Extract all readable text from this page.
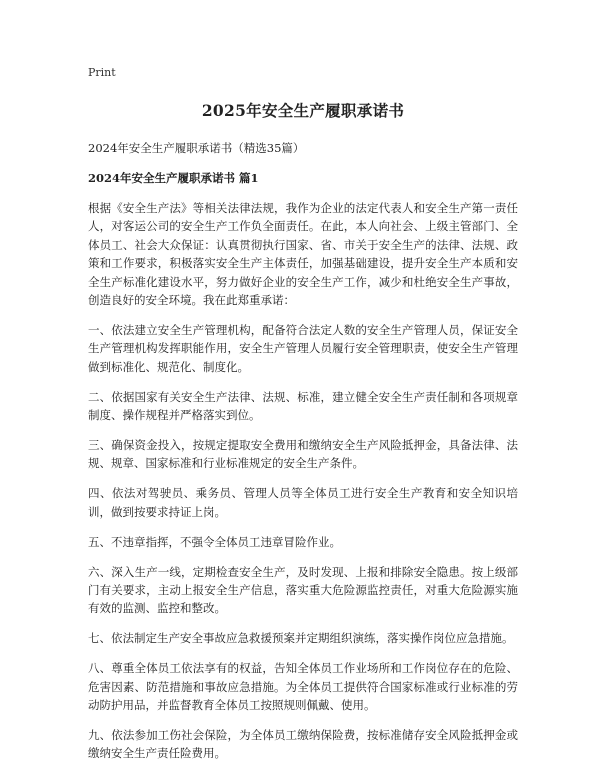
Print
2025年安全生产履职承诺书
2024年安全生产履职承诺书（精选35篇）
2024年安全生产履职承诺书 篇1

根据《安全生产法》等相关法律法规，我作为企业的法定代表人和安全生产第一责任人，对客运公司的安全生产工作负全面责任。在此，本人向社会、上级主管部门、全体员工、社会大众保证：认真贯彻执行国家、省、市关于安全生产的法律、法规、政策和工作要求，积极落实安全生产主体责任，加强基础建设，提升安全生产本质和安全生产标准化建设水平，努力做好企业的安全生产工作，减少和杜绝安全生产事故，创造良好的安全环境。我在此郑重承诺：

一、依法建立安全生产管理机构，配备符合法定人数的安全生产管理人员，保证安全生产管理机构发挥职能作用，安全生产管理人员履行安全管理职责，使安全生产管理做到标准化、规范化、制度化。

二、依据国家有关安全生产法律、法规、标准，建立健全安全生产责任制和各项规章制度、操作规程并严格落实到位。

三、确保资金投入，按规定提取安全费用和缴纳安全生产风险抵押金，具备法律、法规、规章、国家标准和行业标准规定的安全生产条件。

四、依法对驾驶员、乘务员、管理人员等全体员工进行安全生产教育和安全知识培训，做到按要求持证上岗。

五、不违章指挥，不强令全体员工违章冒险作业。

六、深入生产一线，定期检查安全生产，及时发现、上报和排除安全隐患。按上级部门有关要求，主动上报安全生产信息，落实重大危险源监控责任，对重大危险源实施有效的监测、监控和整改。

七、依法制定生产安全事故应急救援预案并定期组织演练，落实操作岗位应急措施。

八、尊重全体员工依法享有的权益，告知全体员工作业场所和工作岗位存在的危险、危害因素、防范措施和事故应急措施。为全体员工提供符合国家标准或行业标准的劳动防护用品，并监督教育全体员工按照规则佩戴、使用。

九、依法参加工伤社会保险，为全体员工缴纳保险费，按标准储存安全风险抵押金或缴纳安全生产责任险费用。
